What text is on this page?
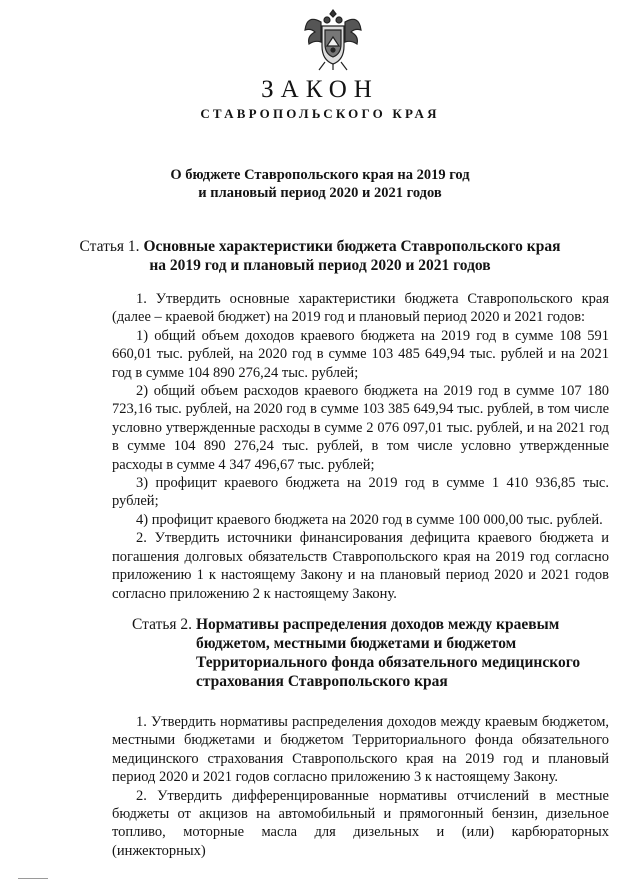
ЗАКОН
СТАВРОПОЛЬСКОГО КРАЯ
О бюджете Ставропольского края на 2019 год
и плановый период 2020 и 2021 годов
Статья 1. Основные характеристики бюджета Ставропольского края
на 2019 год и плановый период 2020 и 2021 годов

1. Утвердить основные характеристики бюджета Ставропольского края (далее – краевой бюджет) на 2019 год и плановый период 2020 и 2021 годов:

1) общий объем доходов краевого бюджета на 2019 год в сумме 108 591 660,01 тыс. рублей, на 2020 год в сумме 103 485 649,94 тыс. рублей и на 2021 год в сумме 104 890 276,24 тыс. рублей;

2) общий объем расходов краевого бюджета на 2019 год в сумме 107 180 723,16 тыс. рублей, на 2020 год в сумме 103 385 649,94 тыс. рублей, в том числе условно утвержденные расходы в сумме 2 076 097,01 тыс. рублей, и на 2021 год в сумме 104 890 276,24 тыс. рублей, в том числе условно утвержденные расходы в сумме 4 347 496,67 тыс. рублей;

3) профицит краевого бюджета на 2019 год в сумме 1 410 936,85 тыс. рублей;

4) профицит краевого бюджета на 2020 год в сумме 100 000,00 тыс. рублей.

2. Утвердить источники финансирования дефицита краевого бюджета и погашения долговых обязательств Ставропольского края на 2019 год согласно приложению 1 к настоящему Закону и на плановый период 2020 и 2021 годов согласно приложению 2 к настоящему Закону.

Статья 2. Нормативы распределения доходов между краевым
бюджетом, местными бюджетами и бюджетом
Территориального фонда обязательного медицинского
страхования Ставропольского края

1. Утвердить нормативы распределения доходов между краевым бюджетом, местными бюджетами и бюджетом Территориального фонда обязательного медицинского страхования Ставропольского края на 2019 год и плановый период 2020 и 2021 годов согласно приложению 3 к настоящему Закону.

2. Утвердить дифференцированные нормативы отчислений в местные бюджеты от акцизов на автомобильный и прямогонный бензин, дизельное топливо, моторные масла для дизельных и (или) карбюраторных (инжекторных)
